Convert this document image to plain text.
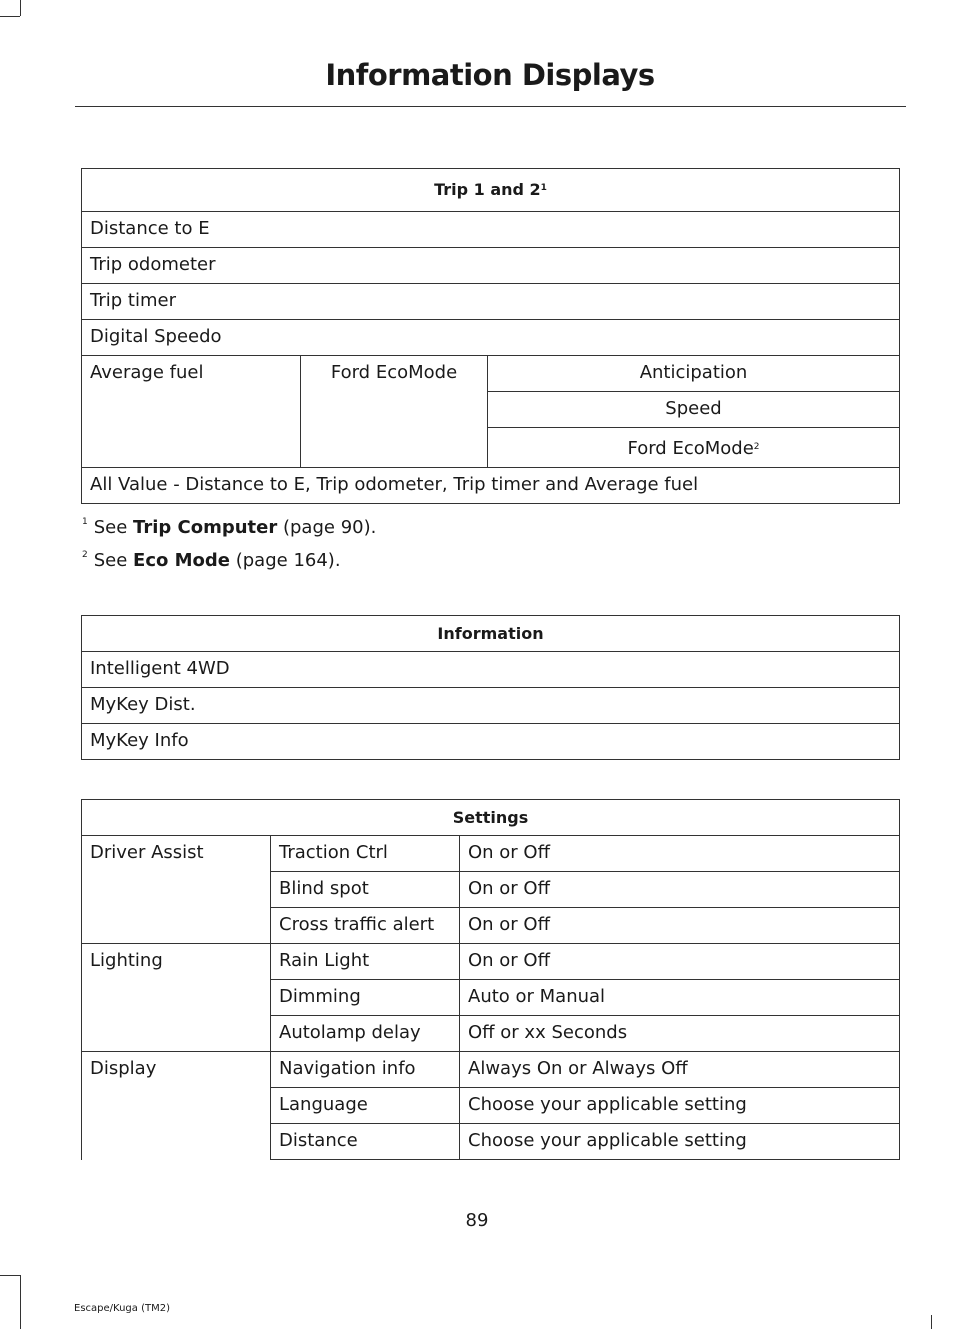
Information Displays
Trip 1 and $2^1$
Distance to E
Trip odometer
Trip timer
Digital Speedo
Average fuel	Ford EcoMode	Anticipation
Speed
Ford EcoMode$^2$
All Value - Distance to E, Trip odometer, Trip timer and Average fuel
$^1$ See Trip Computer (page 90).
$^2$ See Eco Mode (page 164).
Information
Intelligent 4WD
MyKey Dist.
MyKey Info
Settings		
Driver Assist	Traction Ctrl	On or Off
	Blind spot	On or Off
	Cross traffic alert	On or Off
Lighting	Rain Light	On or Off
	Dimming	Auto or Manual
	Autolamp delay	Off or xx Seconds
Display	Navigation info	Always On or Always Off
	Language	Choose your applicable setting
	Distance	Choose your applicable setting
89
Escape/Kuga (TM2)
